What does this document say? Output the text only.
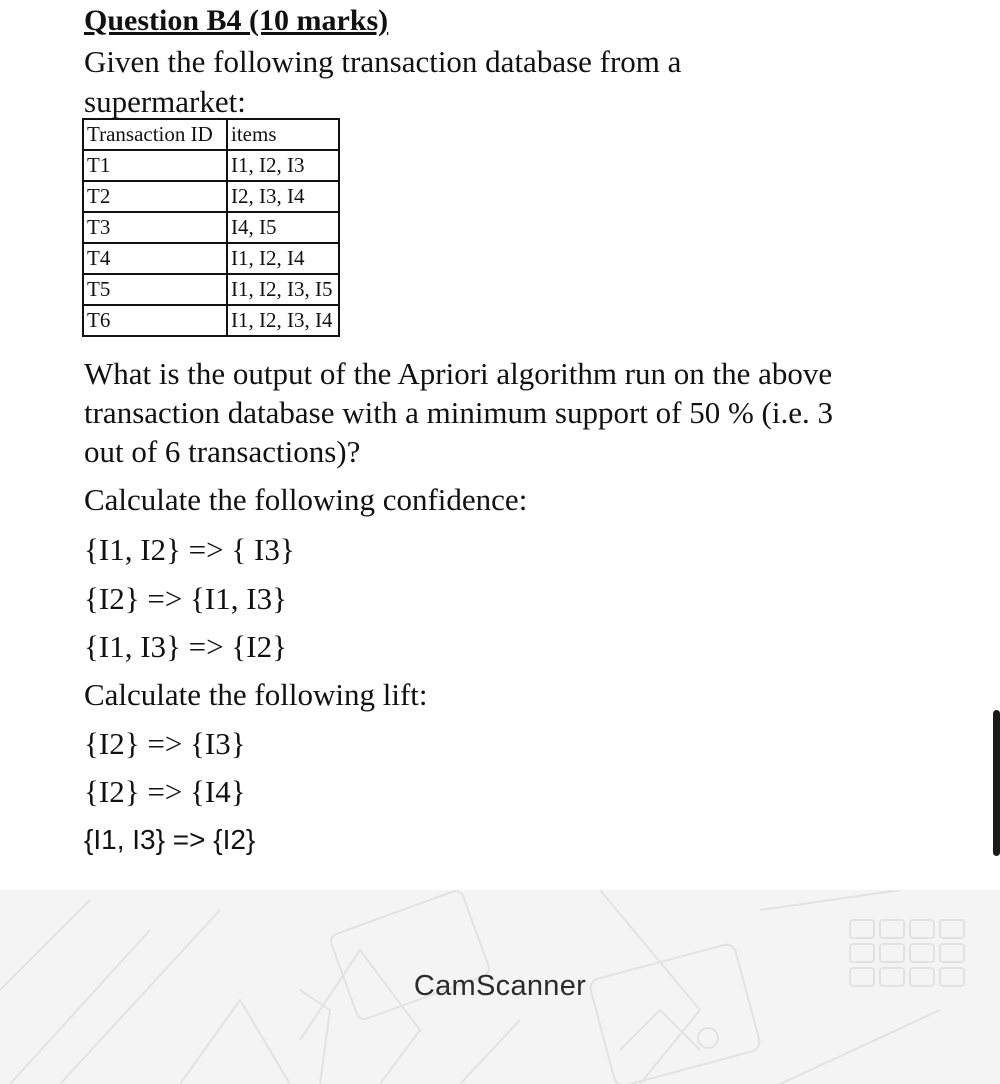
Question B4 (10 marks)

Given the following transaction database from a supermarket:

Transaction ID	items
T1	I1, I2, I3
T2	I2, I3, I4
T3	I4, I5
T4	I1, I2, I4
T5	I1, I2, I3, I5
T6	I1, I2, I3, I4

What is the output of the Apriori algorithm run on the above transaction database with a minimum support of 50 % (i.e. 3 out of 6 transactions)?

Calculate the following confidence:

{I1, I2} => { I3}

{I2} => {I1, I3}

{I1, I3} => {I2}

Calculate the following lift:

{I2} => {I3}

{I2} => {I4}

{I1, I3} => {I2}

CamScanner
